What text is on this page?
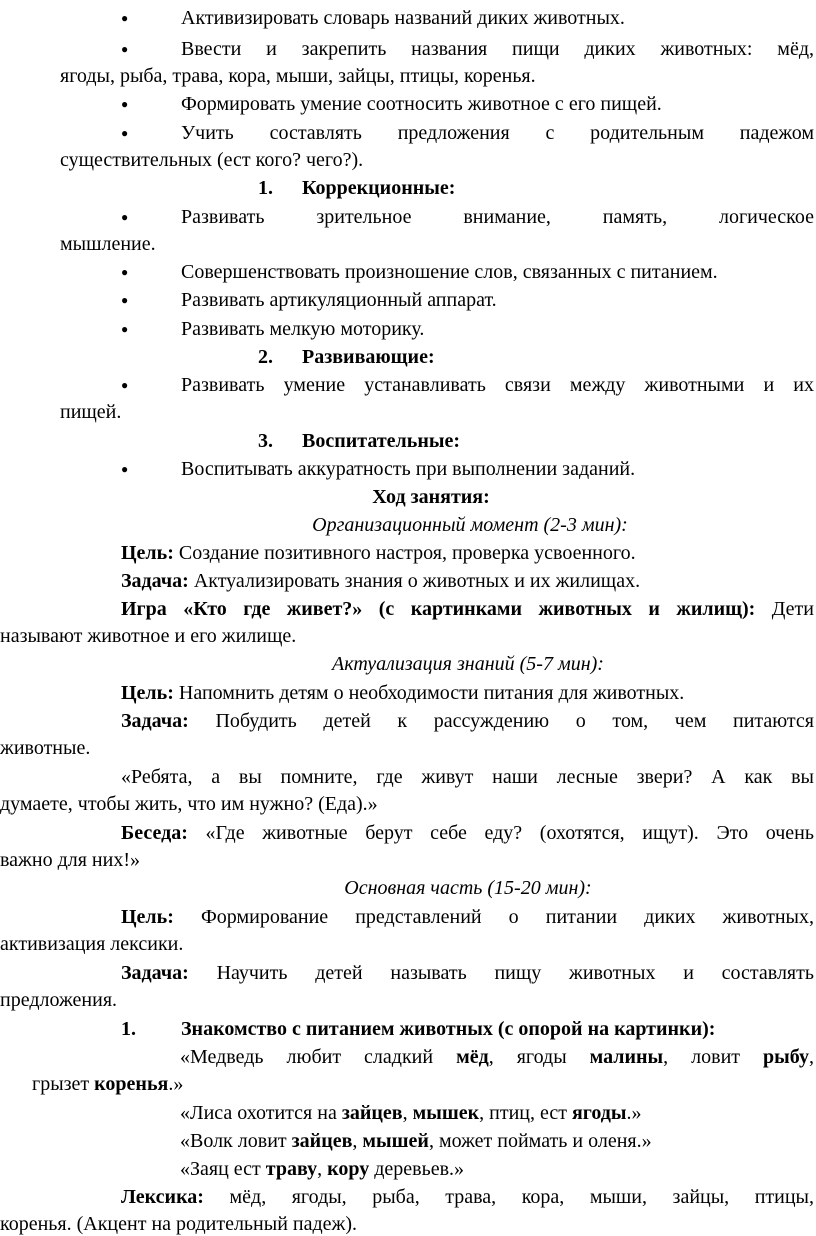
●	Активизировать словарь названий диких животных.
●	Ввести и закрепить названия пищи диких животных: мёд,
ягоды, рыба, трава, кора, мыши, зайцы, птицы, коренья.
●	Формировать умение соотносить животное с его пищей.
●	Учить составлять предложения с родительным падежом
существительных (ест кого? чего?).
1. Коррекционные:
●	Развивать зрительное внимание, память, логическое
мышление.
●	Совершенствовать произношение слов, связанных с питанием.
●	Развивать артикуляционный аппарат.
●	Развивать мелкую моторику.
2. Развивающие:
●	Развивать умение устанавливать связи между животными и их
пищей.
3. Воспитательные:
●	Воспитывать аккуратность при выполнении заданий.
Ход занятия:
Организационный момент (2-3 мин):
Цель: Создание позитивного настроя, проверка усвоенного.
Задача: Актуализировать знания о животных и их жилищах.
Игра «Кто где живет?» (с картинками животных и жилищ): Дети
называют животное и его жилище.
Актуализация знаний (5-7 мин):
Цель: Напомнить детям о необходимости питания для животных.
Задача: Побудить детей к рассуждению о том, чем питаются
животные.
«Ребята, а вы помните, где живут наши лесные звери? А как вы
думаете, чтобы жить, что им нужно? (Еда).»
Беседа: «Где животные берут себе еду? (охотятся, ищут). Это очень
важно для них!»
Основная часть (15-20 мин):
Цель: Формирование представлений о питании диких животных,
активизация лексики.
Задача: Научить детей называть пищу животных и составлять
предложения.
1. Знакомство с питанием животных (с опорой на картинки):
«Медведь любит сладкий мёд, ягоды малины, ловит рыбу,
грызет коренья.»
«Лиса охотится на зайцев, мышек, птиц, ест ягоды.»
«Волк ловит зайцев, мышей, может поймать и оленя.»
«Заяц ест траву, кору деревьев.»
Лексика: мёд, ягоды, рыба, трава, кора, мыши, зайцы, птицы,
коренья. (Акцент на родительный падеж).
